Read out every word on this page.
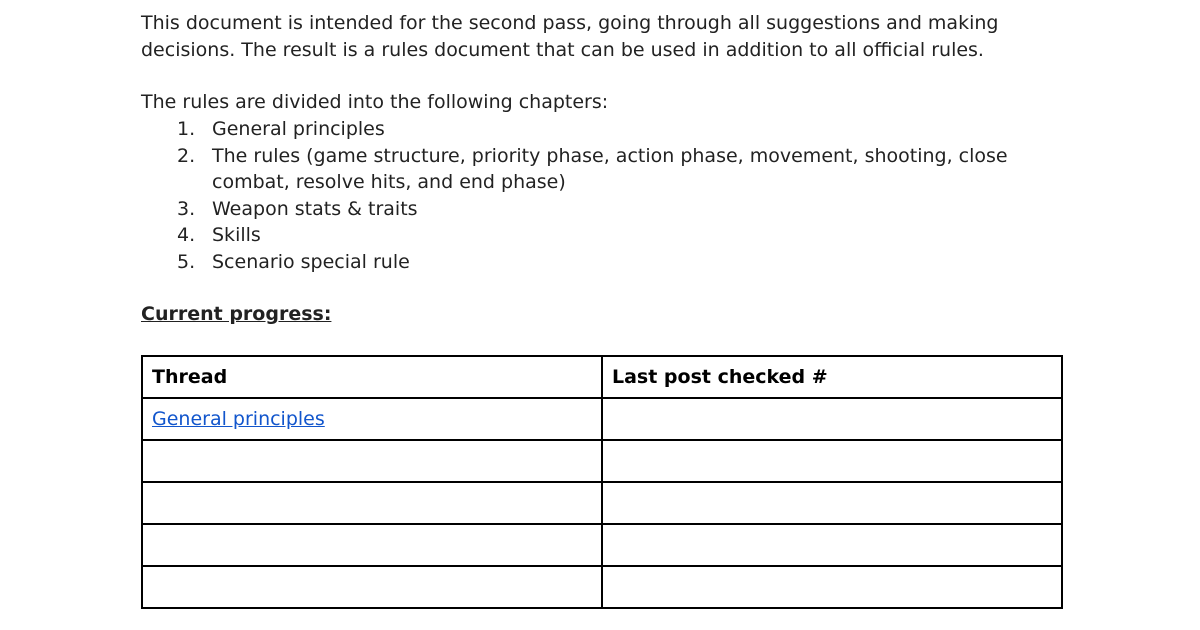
This document is intended for the second pass, going through all suggestions and making
decisions. The result is a rules document that can be used in addition to all official rules.

The rules are divided into the following chapters:

1. General principles
2. The rules (game structure, priority phase, action phase, movement, shooting, close
combat, resolve hits, and end phase)
3. Weapon stats & traits
4. Skills
5. Scenario special rule
Current progress:
Thread	Last post checked #
General principles	
